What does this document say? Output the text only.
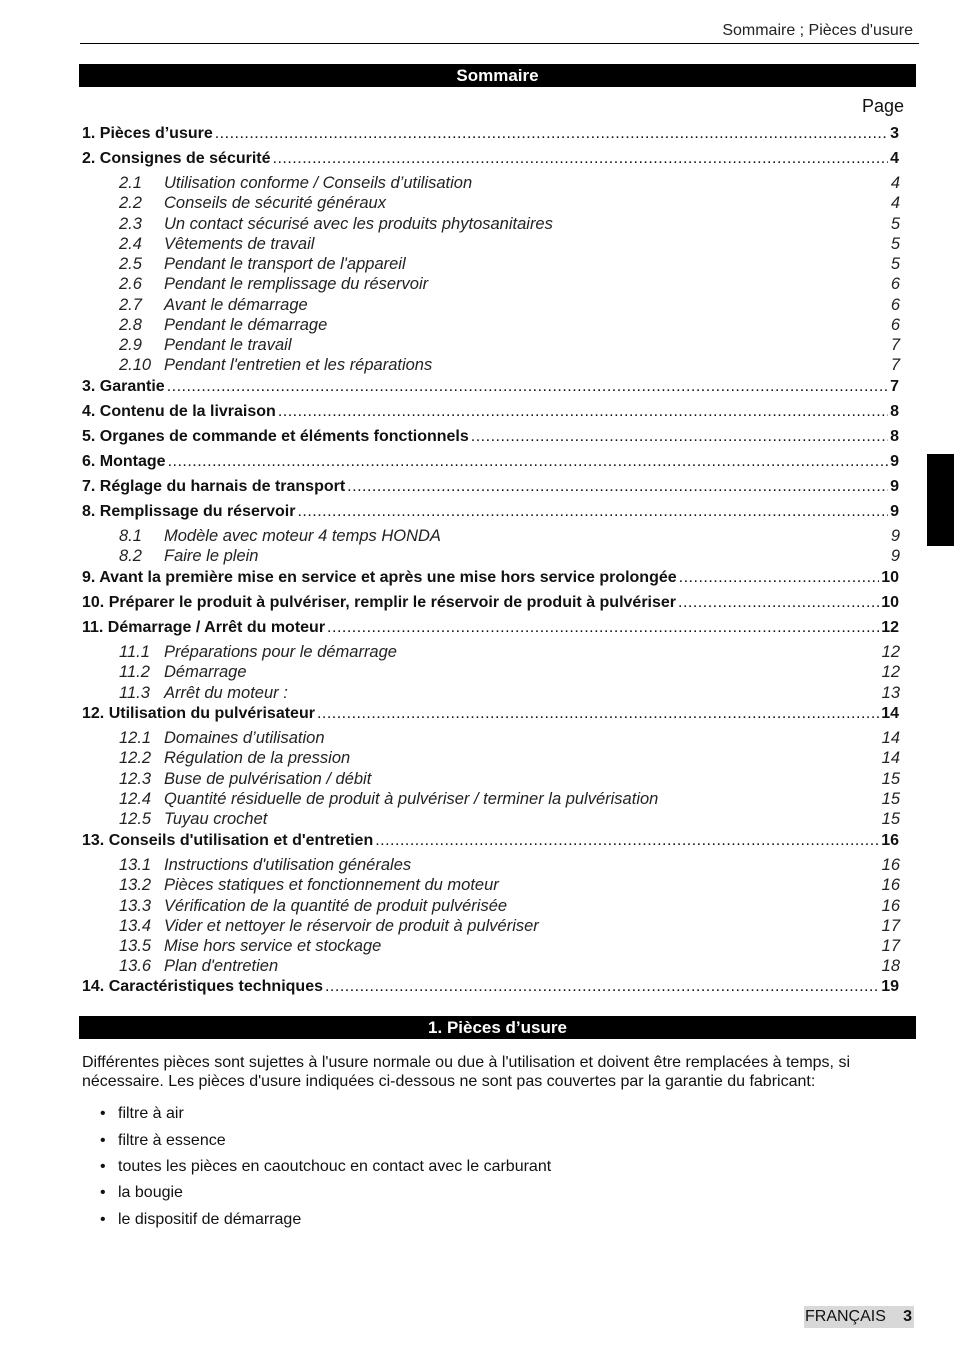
Sommaire ; Pièces d'usure
Sommaire
Page
1. Pièces d’usure .....	3
2. Consignes de sécurité .....	4
2.1 Utilisation conforme / Conseils d’utilisation	4
2.2 Conseils de sécurité généraux	4
2.3 Un contact sécurisé avec les produits phytosanitaires	5
2.4 Vêtements de travail	5
2.5 Pendant le transport de l'appareil	5
2.6 Pendant le remplissage du réservoir	6
2.7 Avant le démarrage	6
2.8 Pendant le démarrage	6
2.9 Pendant le travail	7
2.10 Pendant l'entretien et les réparations	7
3. Garantie .....	7
4. Contenu de la livraison .....	8
5. Organes de commande et éléments fonctionnels .....	8
6. Montage .....	9
7. Réglage du harnais de transport .....	9
8. Remplissage du réservoir .....	9
8.1 Modèle avec moteur 4 temps HONDA	9
8.2 Faire le plein	9
9. Avant la première mise en service et après une mise hors service prolongée .....	10
10. Préparer le produit à pulvériser, remplir le réservoir de produit à pulvériser .....	10
11. Démarrage / Arrêt du moteur .....	12
11.1 Préparations pour le démarrage	12
11.2 Démarrage	12
11.3 Arrêt du moteur :	13
12. Utilisation du pulvérisateur .....	14
12.1 Domaines d’utilisation	14
12.2 Régulation de la pression	14
12.3 Buse de pulvérisation / débit	15
12.4 Quantité résiduelle de produit à pulvériser / terminer la pulvérisation	15
12.5 Tuyau crochet	15
13. Conseils d'utilisation et d'entretien .....	16
13.1 Instructions d'utilisation générales	16
13.2 Pièces statiques et fonctionnement du moteur	16
13.3 Vérification de la quantité de produit pulvérisée	16
13.4 Vider et nettoyer le réservoir de produit à pulvériser	17
13.5 Mise hors service et stockage	17
13.6 Plan d'entretien	18
14. Caractéristiques techniques .....	19
1. Pièces d’usure
Différentes pièces sont sujettes à l'usure normale ou due à l'utilisation et doivent être remplacées à temps, si nécessaire. Les pièces d'usure indiquées ci-dessous ne sont pas couvertes par la garantie du fabricant:
• filtre à air
• filtre à essence
• toutes les pièces en caoutchouc en contact avec le carburant
• la bougie
• le dispositif de démarrage
FRANÇAIS 3
